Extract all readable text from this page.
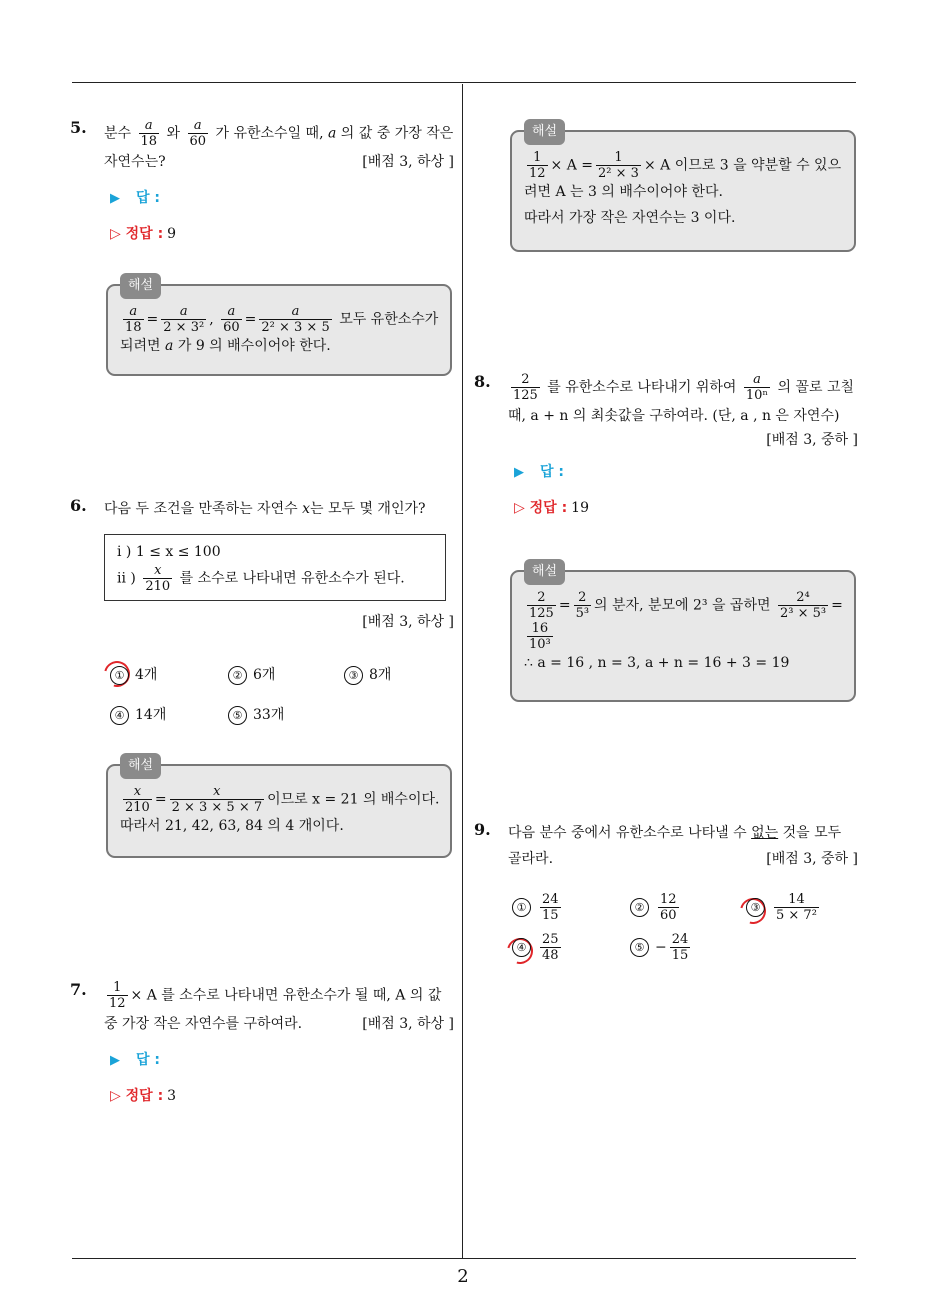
5. 분수 $\frac{a}{18}$ 와 $\frac{a}{60}$ 가 유한소수일 때, a 의 값 중 가장 작은 자연수는?	[배점 3, 하상 ]
▶ 답 :
▷ 정답 : 9
해설
$\frac{a}{18} = \frac{a}{\text{2 × 3²}}$ , $\frac{a}{60} = \frac{a}{\text{2² × 3 × 5}}$ 모두 유한소수가 되려면 a 가 9 의 배수이어야 한다.
6. 다음 두 조건을 만족하는 자연수 x는 모두 몇 개인가?
i ) 1 ≤ x ≤ 100
ii ) $\frac{x}{210}$ 를 소수로 나타내면 유한소수가 된다.
[배점 3, 하상 ]
① 4개	② 6개	③ 8개
④ 14개	⑤ 33개
해설
$\frac{x}{210} = \frac{x}{2 \times 3 \times 5 \times 7}$ 이므로 x = 21 의 배수이다.
따라서 21, 42, 63, 84 의 4 개이다.
7. $\frac{1}{12} \times A$ 를 소수로 나타내면 유한소수가 될 때, A 의 값 중 가장 작은 자연수를 구하여라.	[배점 3, 하상 ]
▶ 답 :
▷ 정답 : 3
해설
$\frac{1}{12} \times A = \frac{1}{\text{2² × 3}} \times A$ 이므로 3 을 약분할 수 있으려면 A 는 3 의 배수이어야 한다.
따라서 가장 작은 자연수는 3 이다.
8. $\frac{2}{125}$ 를 유한소수로 나타내기 위하여 $\frac{a}{\text{10ⁿ}}$ 의 꼴로 고칠 때, a + n 의 최솟값을 구하여라. (단, a , n 은 자연수)
[배점 3, 중하 ]
▶ 답 :
▷ 정답 : 19
해설
$\frac{2}{125} = \frac{2}{\text{5³}}$ 의 분자, 분모에 2³ 을 곱하면 $\frac{\text{2⁴}}{\text{2³ × 5³}}$ =
$\frac{16}{\text{10³}}$
∴ a = 16 , n = 3, a + n = 16 + 3 = 19
9. 다음 분수 중에서 유한소수로 나타낼 수 없는 것을 모두 골라라.	[배점 3, 중하 ]
① $\frac{24}{15}$	② $\frac{12}{60}$	③ $\frac{14}{\text{5 × 7²}}$
④ $\frac{25}{48}$	⑤ − $\frac{24}{15}$
2
